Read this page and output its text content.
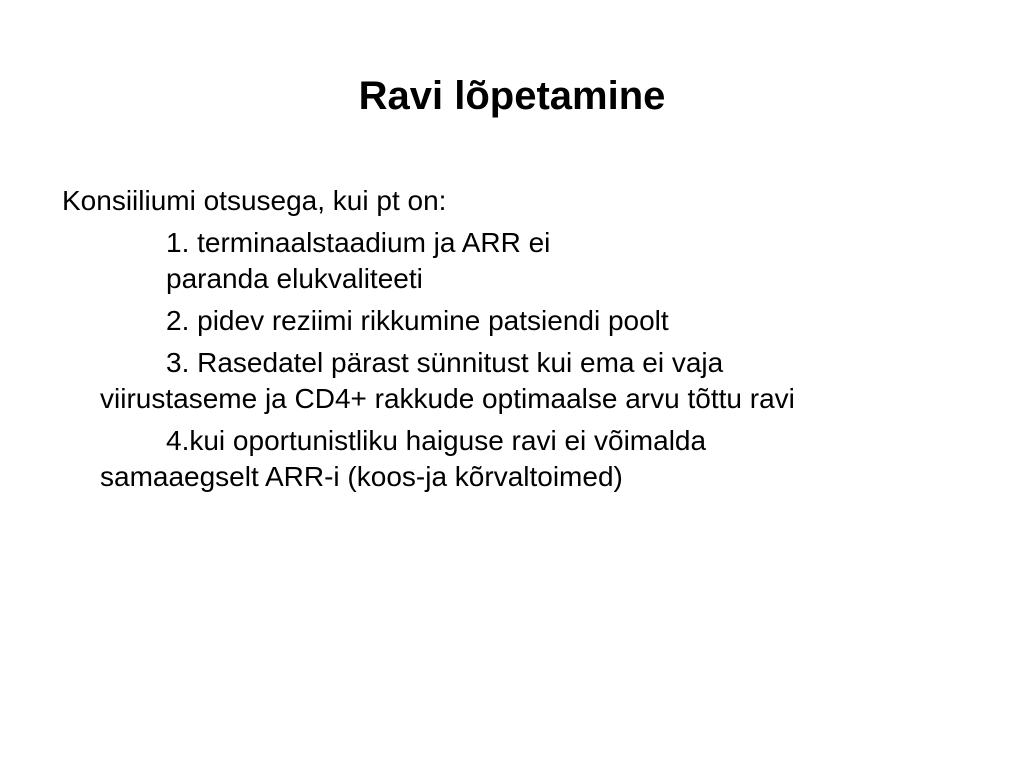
Ravi lõpetamine

Konsiiliumi otsusega, kui pt on:

1. terminaalstaadium ja ARR ei
paranda elukvaliteeti
2. pidev reziimi rikkumine patsiendi poolt
3. Rasedatel pärast sünnitust kui ema ei vaja
viirustaseme ja CD4+ rakkude optimaalse arvu tõttu ravi
4.kui oportunistliku haiguse ravi ei võimalda
samaaegselt ARR-i (koos-ja kõrvaltoimed)
